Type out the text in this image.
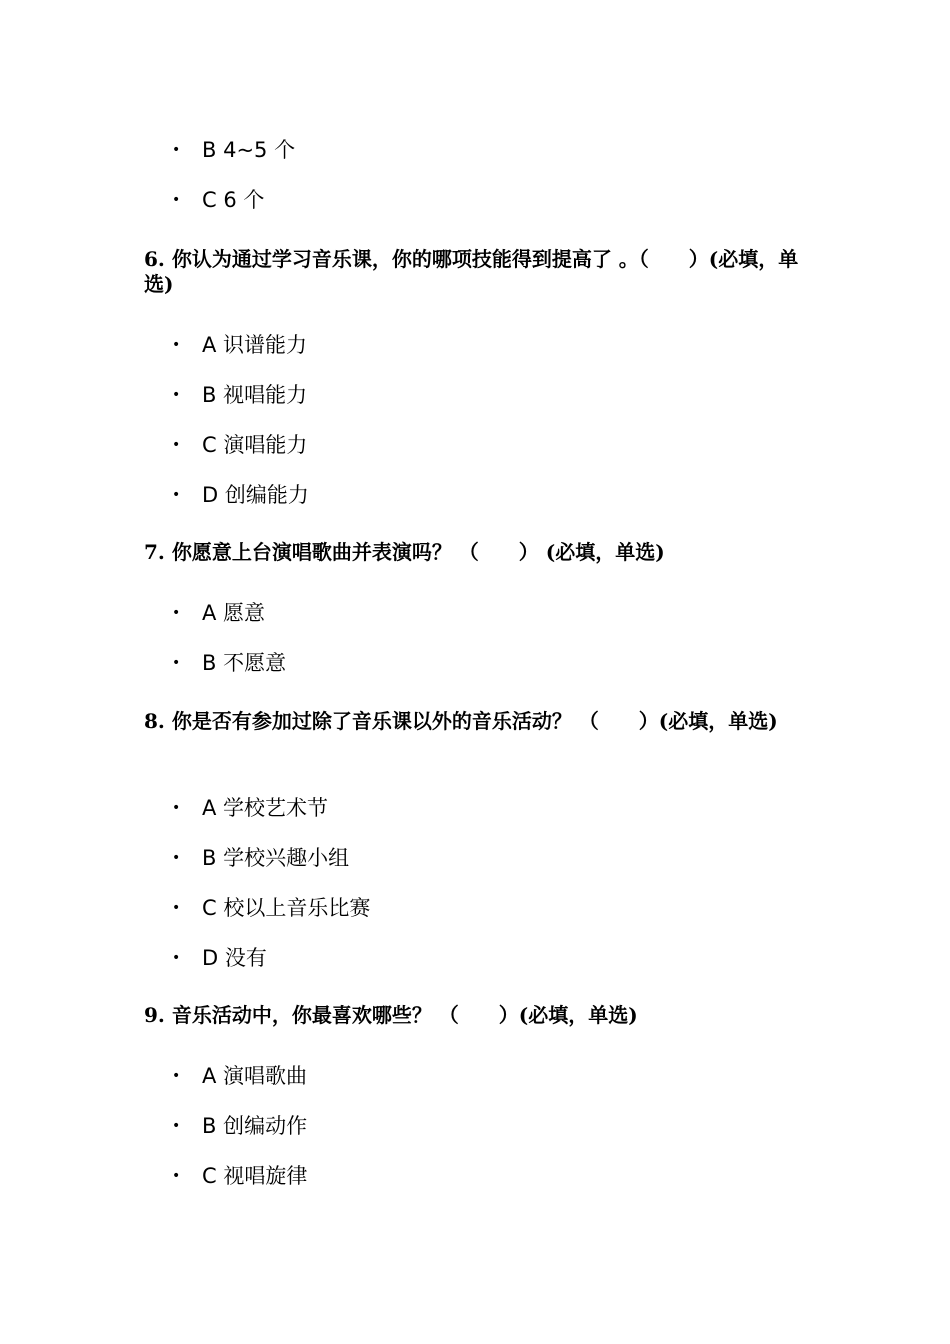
• B 4~5 个
• C 6 个

6. 你认为通过学习音乐课，你的哪项技能得到提高了 。（　　）(必填，单选)

• A 识谱能力
• B 视唱能力
• C 演唱能力
• D 创编能力

7. 你愿意上台演唱歌曲并表演吗？ （　　） (必填，单选)

• A 愿意
• B 不愿意

8. 你是否有参加过除了音乐课以外的音乐活动？ （　　）(必填，单选)

• A 学校艺术节
• B 学校兴趣小组
• C 校以上音乐比赛
• D 没有

9. 音乐活动中，你最喜欢哪些？ （　　）(必填，单选)

• A 演唱歌曲
• B 创编动作
• C 视唱旋律
